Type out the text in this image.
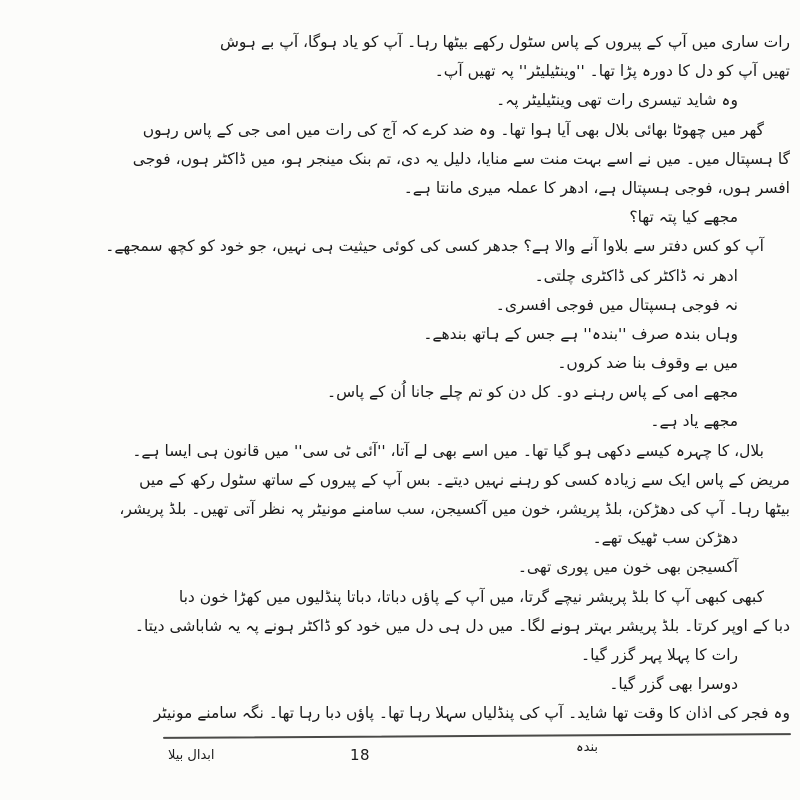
رات ساری میں آپ کے پیروں کے پاس سٹول رکھے بیٹھا رہا۔ آپ کو یاد ہوگا، آپ بے ہوش
تھیں آپ کو دل کا دورہ پڑا تھا۔ ''وینٹیلیٹر'' پہ تھیں آپ۔
وہ شاید تیسری رات تھی وینٹیلیٹر پہ۔
گھر میں چھوٹا بھائی بلال بھی آیا ہوا تھا۔ وہ ضد کرے کہ آج کی رات میں امی جی کے پاس رہوں
گا ہسپتال میں۔ میں نے اسے بہت منت سے منایا، دلیل یہ دی، تم بنک مینجر ہو، میں ڈاکٹر ہوں، فوجی
افسر ہوں، فوجی ہسپتال ہے، ادھر کا عملہ میری مانتا ہے۔
مجھے کیا پتہ تھا؟
آپ کو کس دفتر سے بلاوا آنے والا ہے؟ جدھر کسی کی کوئی حیثیت ہی نہیں، جو خود کو کچھ سمجھے۔
ادھر نہ ڈاکٹر کی ڈاکٹری چلتی۔
نہ فوجی ہسپتال میں فوجی افسری۔
وہاں بندہ صرف ''بندہ'' ہے جس کے ہاتھ بندھے۔
میں بے وقوف بنا ضد کروں۔
مجھے امی کے پاس رہنے دو۔ کل دن کو تم چلے جانا اُن کے پاس۔
مجھے یاد ہے۔
بلال، کا چہرہ کیسے دکھی ہو گیا تھا۔ میں اسے بھی لے آتا، ''آئی ٹی سی'' میں قانون ہی ایسا ہے۔
مریض کے پاس ایک سے زیادہ کسی کو رہنے نہیں دیتے۔ بس آپ کے پیروں کے ساتھ سٹول رکھ کے میں
بیٹھا رہا۔ آپ کی دھڑکن، بلڈ پریشر، خون میں آکسیجن، سب سامنے مونیٹر پہ نظر آتی تھیں۔ بلڈ پریشر،
دھڑکن سب ٹھیک تھے۔
آکسیجن بھی خون میں پوری تھی۔
کبھی کبھی آپ کا بلڈ پریشر نیچے گرتا، میں آپ کے پاؤں دباتا، دباتا پنڈلیوں میں کھڑا خون دبا
دبا کے اوپر کرتا۔ بلڈ پریشر بہتر ہونے لگا۔ میں دل ہی دل میں خود کو ڈاکٹر ہونے پہ یہ شاباشی دیتا۔
رات کا پہلا پہر گزر گیا۔
دوسرا بھی گزر گیا۔
وہ فجر کی اذان کا وقت تھا شاید۔ آپ کی پنڈلیاں سہلا رہا تھا۔ پاؤں دبا رہا تھا۔ نگہ سامنے مونیٹر
بندہ
18
ابدال بیلا
